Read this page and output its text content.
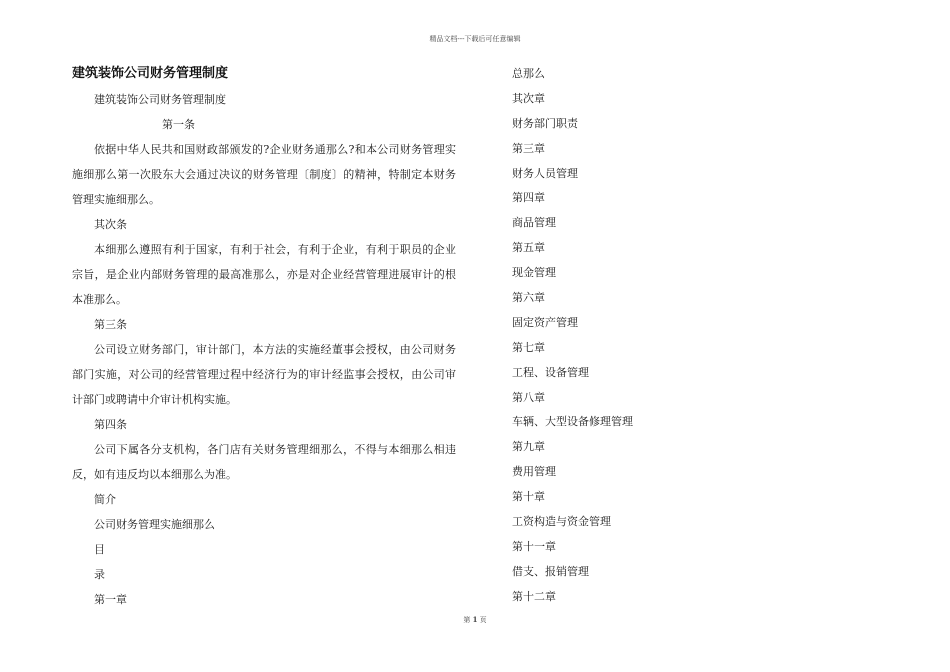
精品文档---下载后可任意编辑
建筑装饰公司财务管理制度
建筑装饰公司财务管理制度
第一条

依据中华人民共和国财政部颁发的?企业财务通那么?和本公司财务管理实施细那么第一次股东大会通过决议的财务管理〔制度〕的精神，特制定本财务管理实施细那么。

其次条

本细那么遵照有利于国家，有利于社会，有利于企业，有利于职员的企业宗旨，是企业内部财务管理的最高准那么，亦是对企业经营管理进展审计的根本准那么。

第三条

公司设立财务部门，审计部门，本方法的实施经董事会授权，由公司财务部门实施，对公司的经营管理过程中经济行为的审计经监事会授权，由公司审计部门或聘请中介审计机构实施。

第四条

公司下属各分支机构，各门店有关财务管理细那么，不得与本细那么相违反，如有违反均以本细那么为准。

简介
公司财务管理实施细那么
目
录
第一章
总那么
其次章
财务部门职责
第三章
财务人员管理
第四章
商品管理
第五章
现金管理
第六章
固定资产管理
第七章
工程、设备管理
第八章
车辆、大型设备修理管理
第九章
费用管理
第十章
工资构造与资金管理
第十一章
借支、报销管理
第十二章
第 1 页
